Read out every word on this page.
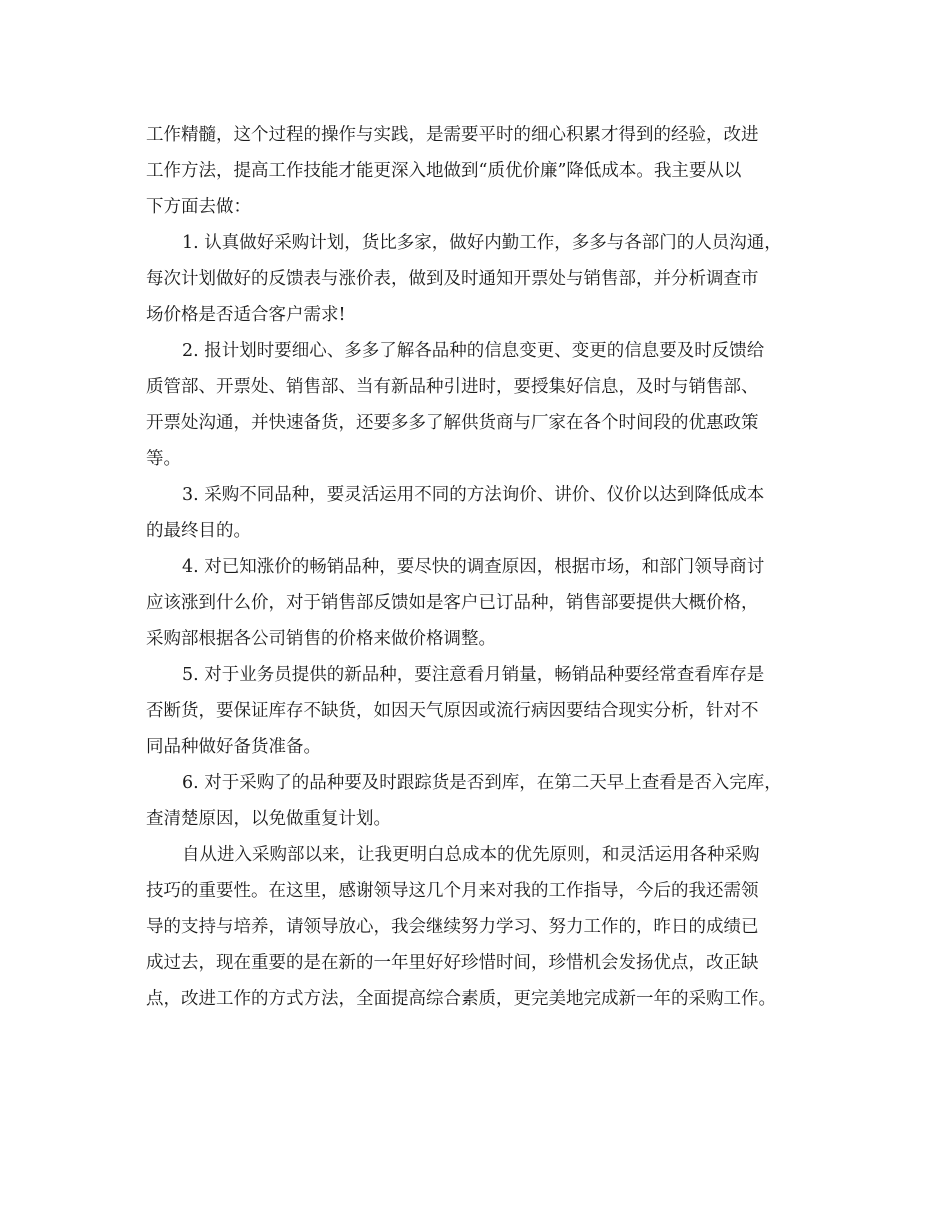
工作精髓，这个过程的操作与实践，是需要平时的细心积累才得到的经验，改进
工作方法，提高工作技能才能更深入地做到“质优价廉”降低成本。我主要从以
下方面去做：
1. 认真做好采购计划，货比多家，做好内勤工作，多多与各部门的人员沟通，
每次计划做好的反馈表与涨价表，做到及时通知开票处与销售部，并分析调查市
场价格是否适合客户需求!
2. 报计划时要细心、多多了解各品种的信息变更、变更的信息要及时反馈给
质管部、开票处、销售部、当有新品种引进时，要授集好信息，及时与销售部、
开票处沟通，并快速备货，还要多多了解供货商与厂家在各个时间段的优惠政策
等。
3. 采购不同品种，要灵活运用不同的方法询价、讲价、仪价以达到降低成本
的最终目的。
4. 对已知涨价的畅销品种，要尽快的调查原因，根据市场，和部门领导商讨
应该涨到什么价，对于销售部反馈如是客户已订品种，销售部要提供大概价格，
采购部根据各公司销售的价格来做价格调整。
5. 对于业务员提供的新品种，要注意看月销量，畅销品种要经常查看库存是
否断货，要保证库存不缺货，如因天气原因或流行病因要结合现实分析，针对不
同品种做好备货准备。
6. 对于采购了的品种要及时跟踪货是否到库，在第二天早上查看是否入完库，
查清楚原因，以免做重复计划。
自从进入采购部以来，让我更明白总成本的优先原则，和灵活运用各种采购
技巧的重要性。在这里，感谢领导这几个月来对我的工作指导，今后的我还需领
导的支持与培养，请领导放心，我会继续努力学习、努力工作的，昨日的成绩已
成过去，现在重要的是在新的一年里好好珍惜时间，珍惜机会发扬优点，改正缺
点，改进工作的方式方法，全面提高综合素质，更完美地完成新一年的采购工作。
